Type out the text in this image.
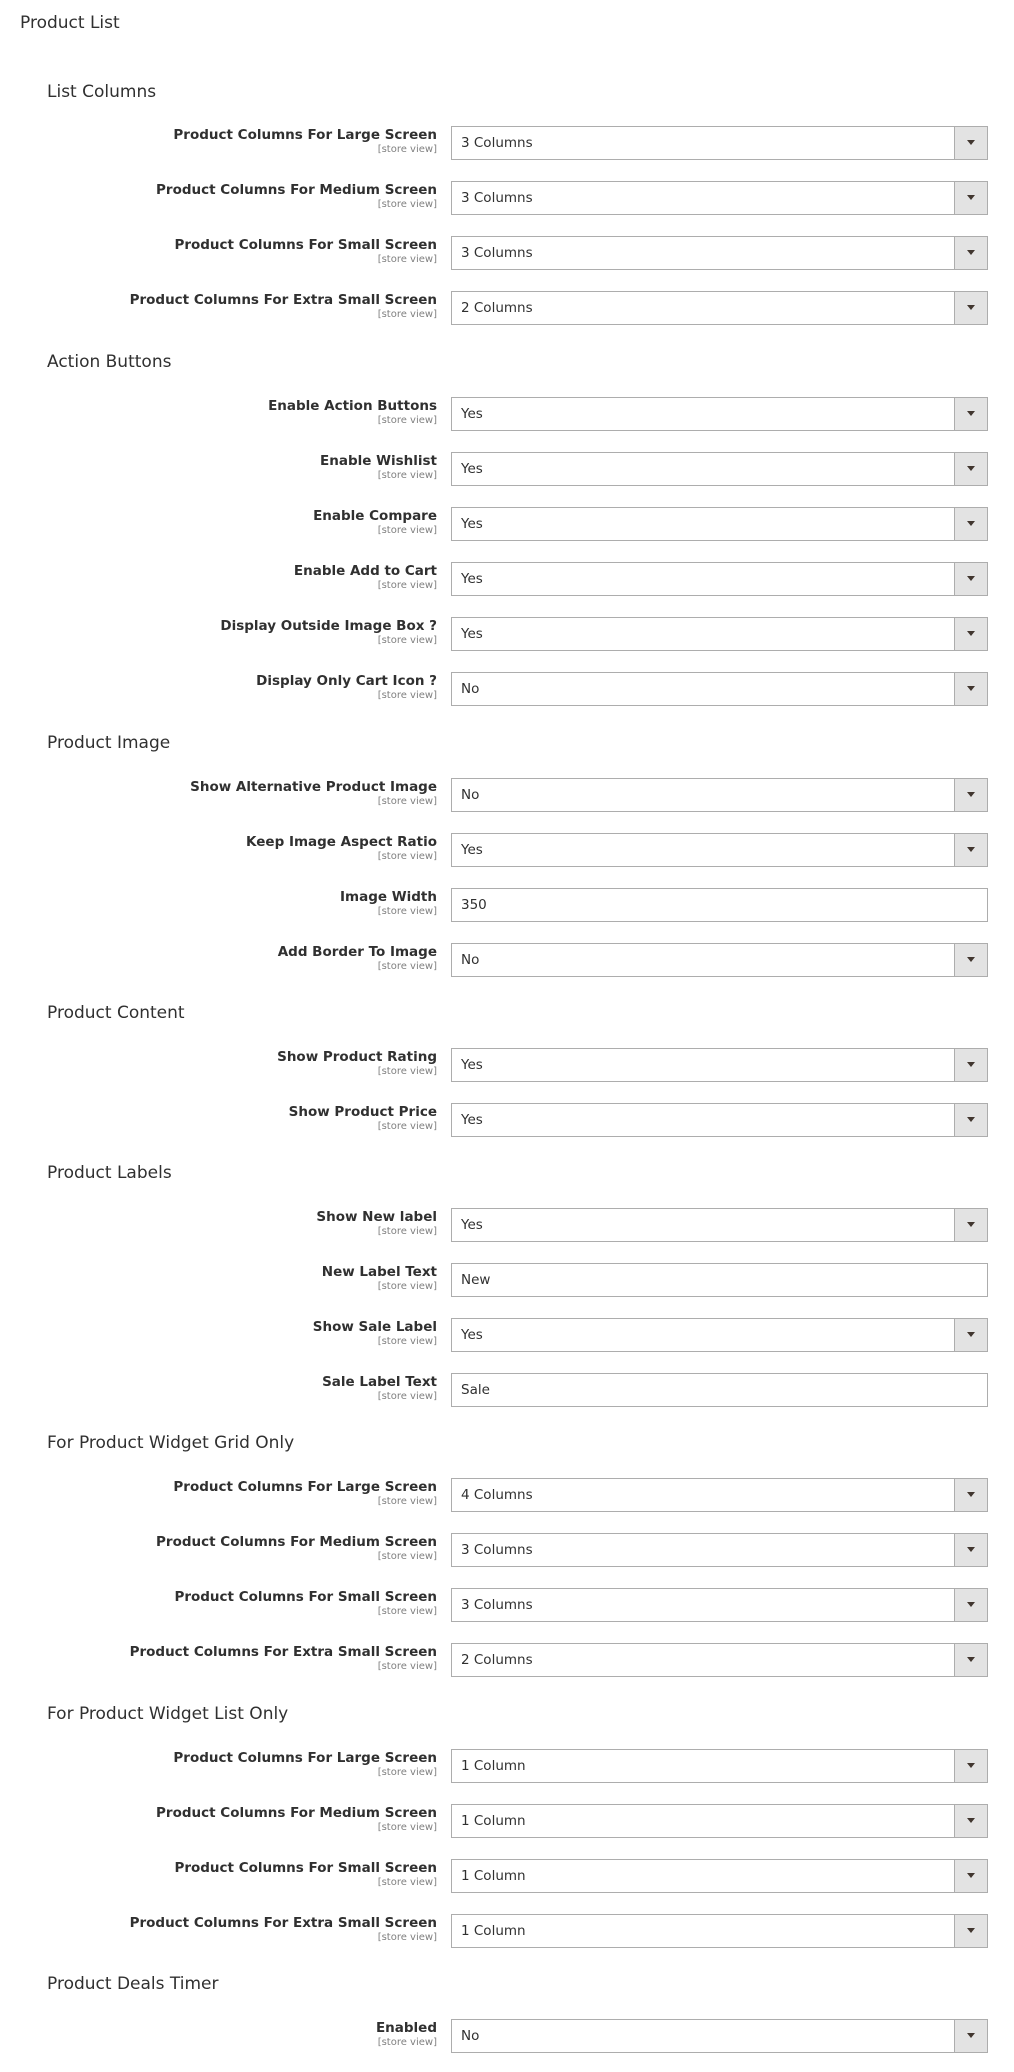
Product List
List Columns
Product Columns For Large Screen
[store view] 3 Columns
Product Columns For Medium Screen
[store view] 3 Columns
Product Columns For Small Screen
[store view] 3 Columns
Product Columns For Extra Small Screen
[store view] 2 Columns
Action Buttons
Enable Action Buttons
[store view] Yes
Enable Wishlist
[store view] Yes
Enable Compare
[store view] Yes
Enable Add to Cart
[store view] Yes
Display Outside Image Box ?
[store view] Yes
Display Only Cart Icon ?
[store view] No
Product Image
Show Alternative Product Image
[store view] No
Keep Image Aspect Ratio
[store view] Yes
Image Width
[store view] 350
Add Border To Image
[store view] No
Product Content
Show Product Rating
[store view] Yes
Show Product Price
[store view] Yes
Product Labels
Show New label
[store view] Yes
New Label Text
[store view] New
Show Sale Label
[store view] Yes
Sale Label Text
[store view] Sale
For Product Widget Grid Only
Product Columns For Large Screen
[store view] 4 Columns
Product Columns For Medium Screen
[store view] 3 Columns
Product Columns For Small Screen
[store view] 3 Columns
Product Columns For Extra Small Screen
[store view] 2 Columns
For Product Widget List Only
Product Columns For Large Screen
[store view] 1 Column
Product Columns For Medium Screen
[store view] 1 Column
Product Columns For Small Screen
[store view] 1 Column
Product Columns For Extra Small Screen
[store view] 1 Column
Product Deals Timer
Enabled
[store view] No
